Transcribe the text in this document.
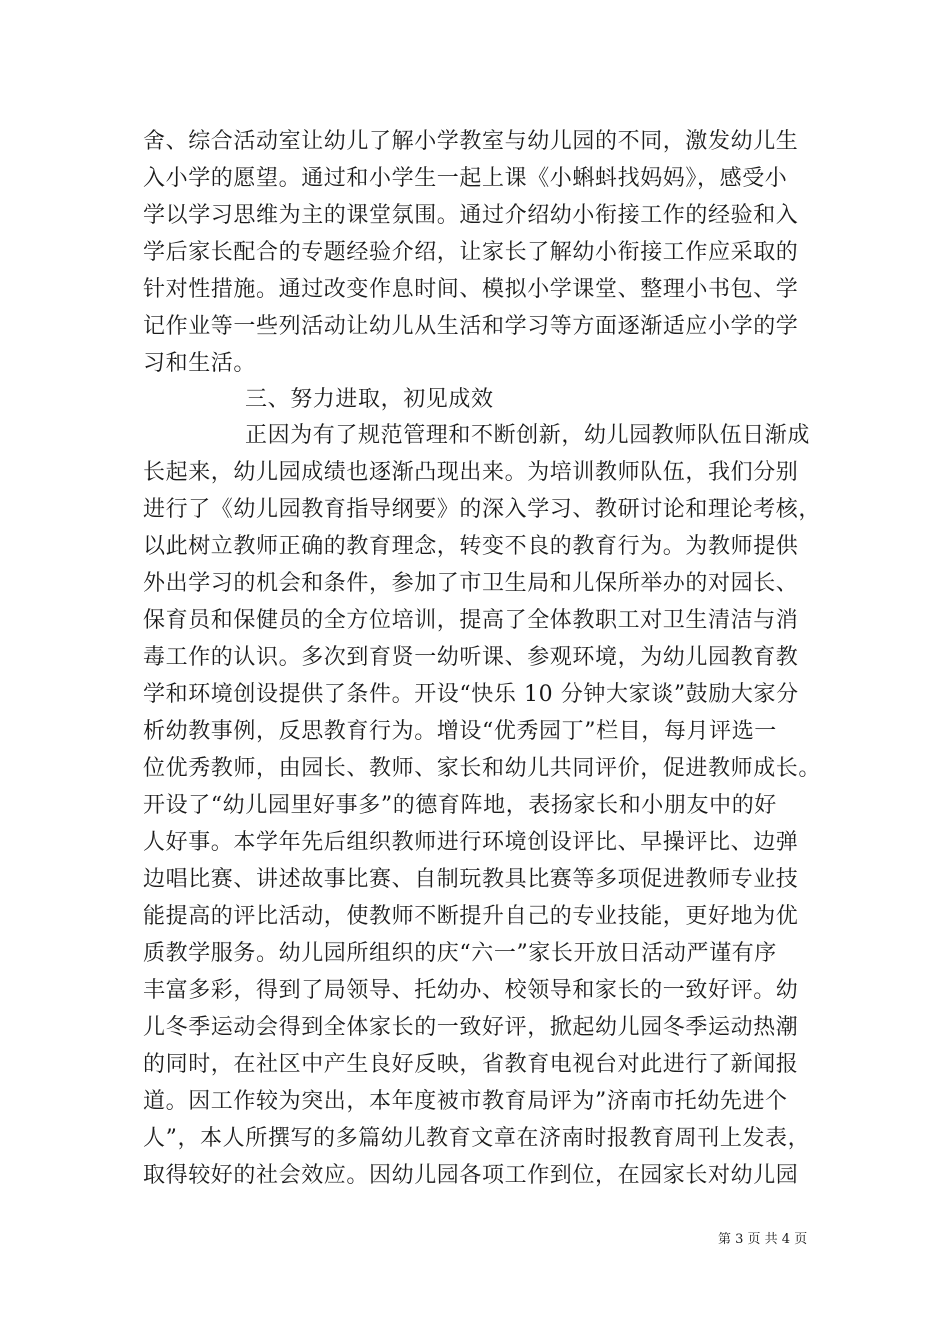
舍、综合活动室让幼儿了解小学教室与幼儿园的不同，激发幼儿生
入小学的愿望。通过和小学生一起上课《小蝌蚪找妈妈》，感受小
学以学习思维为主的课堂氛围。通过介绍幼小衔接工作的经验和入
学后家长配合的专题经验介绍，让家长了解幼小衔接工作应采取的
针对性措施。通过改变作息时间、模拟小学课堂、整理小书包、学
记作业等一些列活动让幼儿从生活和学习等方面逐渐适应小学的学
习和生活。
三、努力进取，初见成效
正因为有了规范管理和不断创新，幼儿园教师队伍日渐成
长起来，幼儿园成绩也逐渐凸现出来。为培训教师队伍，我们分别
进行了《幼儿园教育指导纲要》的深入学习、教研讨论和理论考核，
以此树立教师正确的教育理念，转变不良的教育行为。为教师提供
外出学习的机会和条件，参加了市卫生局和儿保所举办的对园长、
保育员和保健员的全方位培训，提高了全体教职工对卫生清洁与消
毒工作的认识。多次到育贤一幼听课、参观环境，为幼儿园教育教
学和环境创设提供了条件。开设“快乐 10 分钟大家谈”鼓励大家分
析幼教事例，反思教育行为。增设“优秀园丁”栏目，每月评选一
位优秀教师，由园长、教师、家长和幼儿共同评价，促进教师成长。
开设了“幼儿园里好事多”的德育阵地，表扬家长和小朋友中的好
人好事。本学年先后组织教师进行环境创设评比、早操评比、边弹
边唱比赛、讲述故事比赛、自制玩教具比赛等多项促进教师专业技
能提高的评比活动，使教师不断提升自己的专业技能，更好地为优
质教学服务。幼儿园所组织的庆“六一”家长开放日活动严谨有序
丰富多彩，得到了局领导、托幼办、校领导和家长的一致好评。幼
儿冬季运动会得到全体家长的一致好评，掀起幼儿园冬季运动热潮
的同时，在社区中产生良好反映，省教育电视台对此进行了新闻报
道。因工作较为突出，本年度被市教育局评为”济南市托幼先进个
人”，本人所撰写的多篇幼儿教育文章在济南时报教育周刊上发表，
取得较好的社会效应。因幼儿园各项工作到位，在园家长对幼儿园
第 3 页 共 4 页
